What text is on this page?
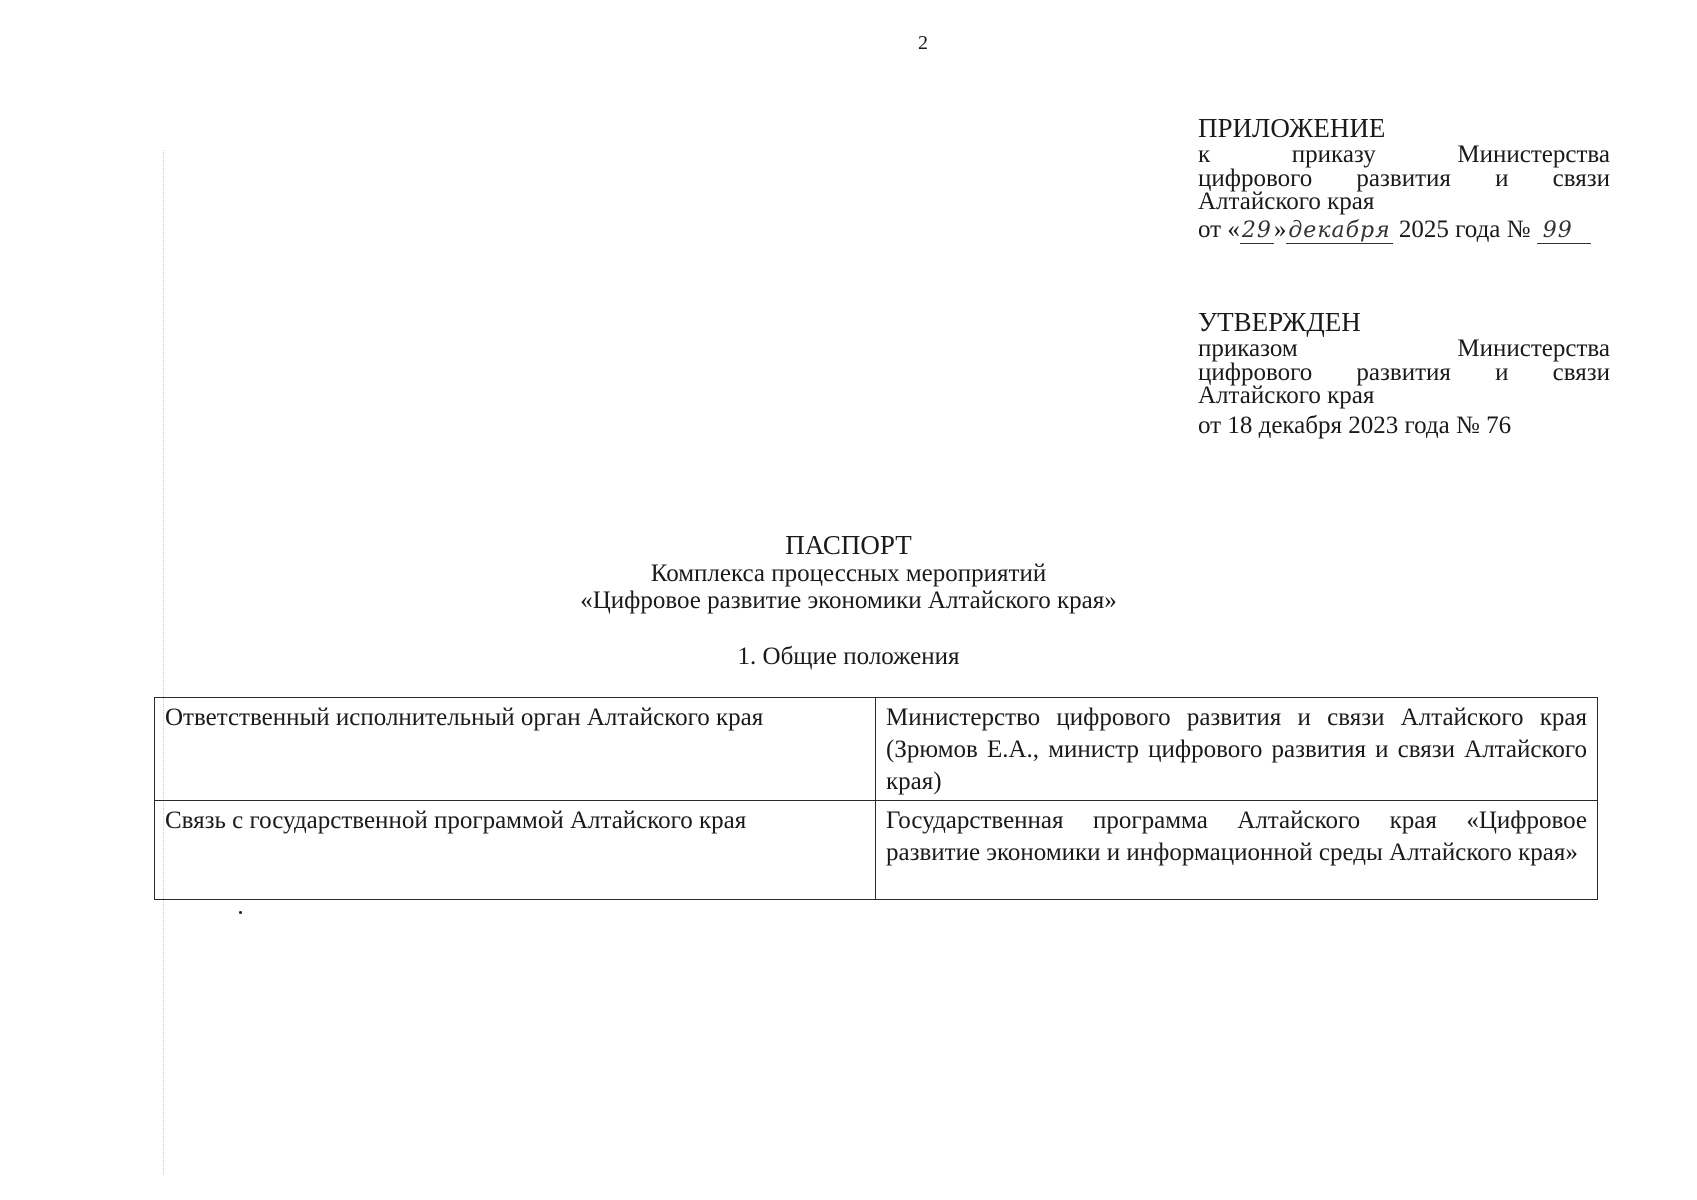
2
ПРИЛОЖЕНИЕ
к	приказу	Министерства
цифрового развития и связи
Алтайского края
от «29»декабря 2025 года № 99
УТВЕРЖДЕН
приказом	Министерства
цифрового развития и связи
Алтайского края
от 18 декабря 2023 года № 76
ПАСПОРТ
Комплекса процессных мероприятий
«Цифровое развитие экономики Алтайского края»
1. Общие положения
Ответственный исполнительный орган Алтайского края	Министерство цифрового развития и связи Алтайского края (Зрюмов Е.А., министр цифрового развития и связи Алтайского края)
Связь с государственной программой Алтайского края	Государственная программа Алтайского края «Цифровое развитие экономики и информационной среды Алтайского края»
